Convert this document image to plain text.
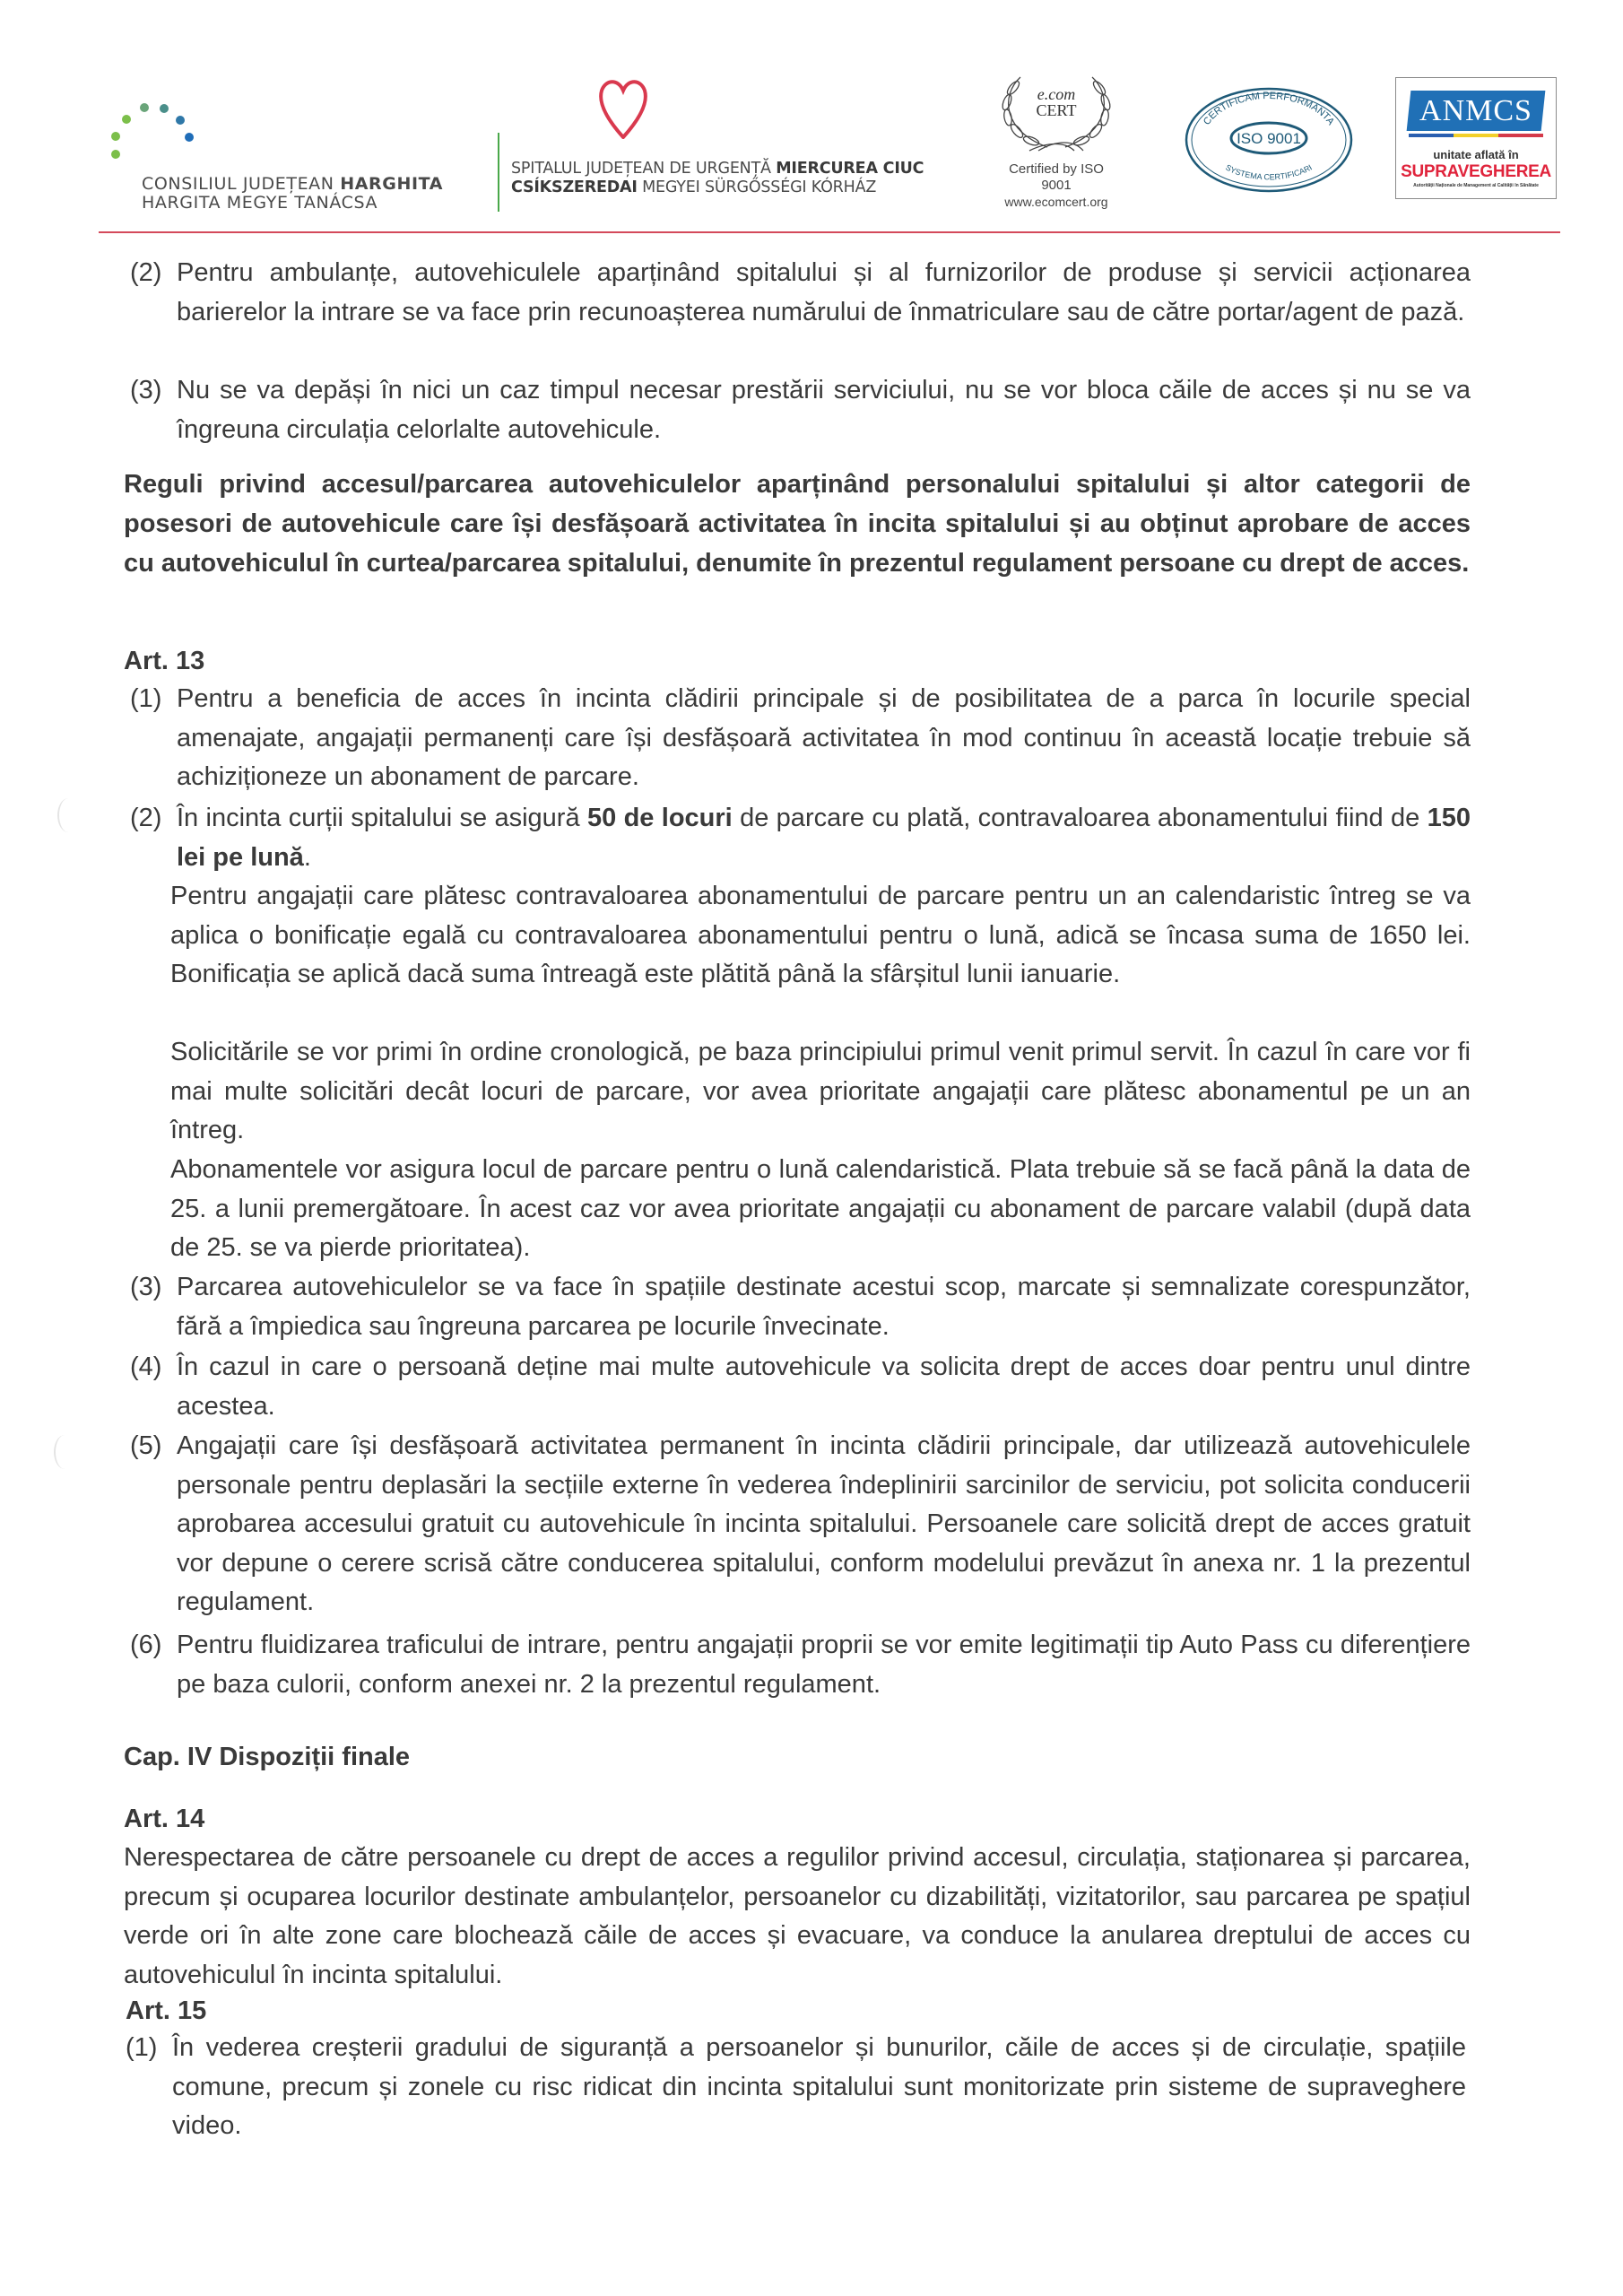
CONSILIUL JUDEȚEAN HARGHITA
HARGITA MEGYE TANÁCSA
SPITALUL JUDEȚEAN DE URGENȚĂ MIERCUREA CIUC
CSÍKSZEREDAI MEGYEI SÜRGŐSSÉGI KÓRHÁZ
e.com
CERT
Certified by ISO 9001
www.ecomcert.org
CERTIFICAM PERFORMANTA
ISO 9001
SYSTEMA CERTIFICARI
ANMCS
unitate aflată în
SUPRAVEGHEREA
Autorității Naționale de Management al Calității în Sănătate
(2) Pentru ambulanțe, autovehiculele aparținând spitalului și al furnizorilor de produse și servicii acționarea barierelor la intrare se va face prin recunoașterea numărului de înmatriculare sau de către portar/agent de pază.
(3) Nu se va depăși în nici un caz timpul necesar prestării serviciului, nu se vor bloca căile de acces și nu se va îngreuna circulația celorlalte autovehicule.
Reguli privind accesul/parcarea autovehiculelor aparținând personalului spitalului și altor categorii de posesori de autovehicule care își desfășoară activitatea în incita spitalului și au obținut aprobare de acces cu autovehiculul în curtea/parcarea spitalului, denumite în prezentul regulament persoane cu drept de acces.
Art. 13
(1) Pentru a beneficia de acces în incinta clădirii principale și de posibilitatea de a parca în locurile special amenajate, angajații permanenți care își desfășoară activitatea în mod continuu în această locație trebuie să achiziționeze un abonament de parcare.
(2) În incinta curții spitalului se asigură 50 de locuri de parcare cu plată, contravaloarea abonamentului fiind de 150 lei pe lună.
Pentru angajații care plătesc contravaloarea abonamentului de parcare pentru un an calendaristic întreg se va aplica o bonificație egală cu contravaloarea abonamentului pentru o lună, adică se încasa suma de 1650 lei. Bonificația se aplică dacă suma întreagă este plătită până la sfârșitul lunii ianuarie.
Solicitările se vor primi în ordine cronologică, pe baza principiului primul venit primul servit. În cazul în care vor fi mai multe solicitări decât locuri de parcare, vor avea prioritate angajații care plătesc abonamentul pe un an întreg.
Abonamentele vor asigura locul de parcare pentru o lună calendaristică. Plata trebuie să se facă până la data de 25. a lunii premergătoare. În acest caz vor avea prioritate angajații cu abonament de parcare valabil (după data de 25. se va pierde prioritatea).
(3) Parcarea autovehiculelor se va face în spațiile destinate acestui scop, marcate și semnalizate corespunzător, fără a împiedica sau îngreuna parcarea pe locurile învecinate.
(4) În cazul in care o persoană deține mai multe autovehicule va solicita drept de acces doar pentru unul dintre acestea.
(5) Angajații care își desfășoară activitatea permanent în incinta clădirii principale, dar utilizează autovehiculele personale pentru deplasări la secțiile externe în vederea îndeplinirii sarcinilor de serviciu, pot solicita conducerii aprobarea accesului gratuit cu autovehicule în incinta spitalului. Persoanele care solicită drept de acces gratuit vor depune o cerere scrisă către conducerea spitalului, conform modelului prevăzut în anexa nr. 1 la prezentul regulament.
(6) Pentru fluidizarea traficului de intrare, pentru angajații proprii se vor emite legitimații tip Auto Pass cu diferențiere pe baza culorii, conform anexei nr. 2 la prezentul regulament.
Cap. IV Dispoziții finale
Art. 14
Nerespectarea de către persoanele cu drept de acces a regulilor privind accesul, circulația, staționarea și parcarea, precum și ocuparea locurilor destinate ambulanțelor, persoanelor cu dizabilități, vizitatorilor, sau parcarea pe spațiul verde ori în alte zone care blochează căile de acces și evacuare, va conduce la anularea dreptului de acces cu autovehiculul în incinta spitalului.
Art. 15
(1) În vederea creșterii gradului de siguranță a persoanelor și bunurilor, căile de acces și de circulație, spațiile comune, precum și zonele cu risc ridicat din incinta spitalului sunt monitorizate prin sisteme de supraveghere video.
